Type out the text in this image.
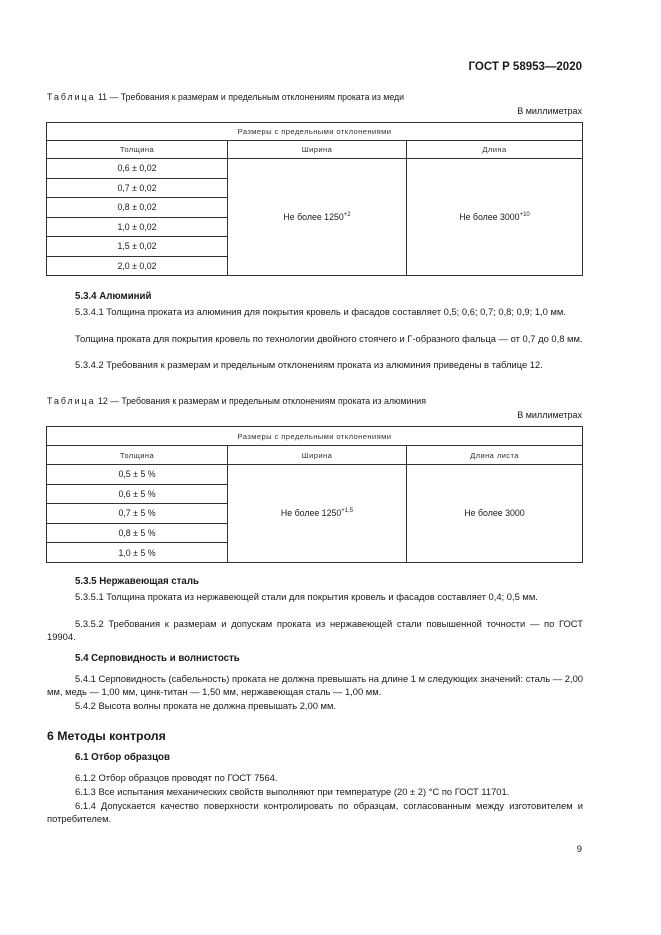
ГОСТ Р 58953—2020
Таблица 11 — Требования к размерам и предельным отклонениям проката из меди
В миллиметрах
Размеры с предельными отклонениями		
Толщина	Ширина	Длина
0,6 ± 0,02	Не более $1250^{+2}$	Не более $3000^{+10}$
0,7 ± 0,02		
0,8 ± 0,02		
1,0 ± 0,02		
1,5 ± 0,02		
2,0 ± 0,02		
5.3.4 Алюминий
5.3.4.1 Толщина проката из алюминия для покрытия кровель и фасадов составляет 0,5; 0,6; 0,7; 0,8; 0,9; 1,0 мм.
Толщина проката для покрытия кровель по технологии двойного стоячего и Г-образного фальца — от 0,7 до 0,8 мм.
5.3.4.2 Требования к размерам и предельным отклонениям проката из алюминия приведены в таблице 12.
Таблица 12 — Требования к размерам и предельным отклонениям проката из алюминия
В миллиметрах
Размеры с предельными отклонениями		
Толщина	Ширина	Длина листа
0,5 ± 5 %	Не более $1250^{+1,5}$	Не более 3000
0,6 ± 5 %		
0,7 ± 5 %		
0,8 ± 5 %		
1,0 ± 5 %		
5.3.5 Нержавеющая сталь
5.3.5.1 Толщина проката из нержавеющей стали для покрытия кровель и фасадов составляет 0,4; 0,5 мм.
5.3.5.2 Требования к размерам и допускам проката из нержавеющей стали повышенной точности — по ГОСТ 19904.
5.4 Серповидность и волнистость
5.4.1 Серповидность (сабельность) проката не должна превышать на длине 1 м следующих значений: сталь — 2,00 мм, медь — 1,00 мм, цинк-титан — 1,50 мм, нержавеющая сталь — 1,00 мм.
5.4.2 Высота волны проката не должна превышать 2,00 мм.
6 Методы контроля
6.1 Отбор образцов
6.1.2 Отбор образцов проводят по ГОСТ 7564.
6.1.3 Все испытания механических свойств выполняют при температуре (20 ± 2) °С по ГОСТ 11701.
6.1.4 Допускается качество поверхности контролировать по образцам, согласованным между изготовителем и потребителем.
9
